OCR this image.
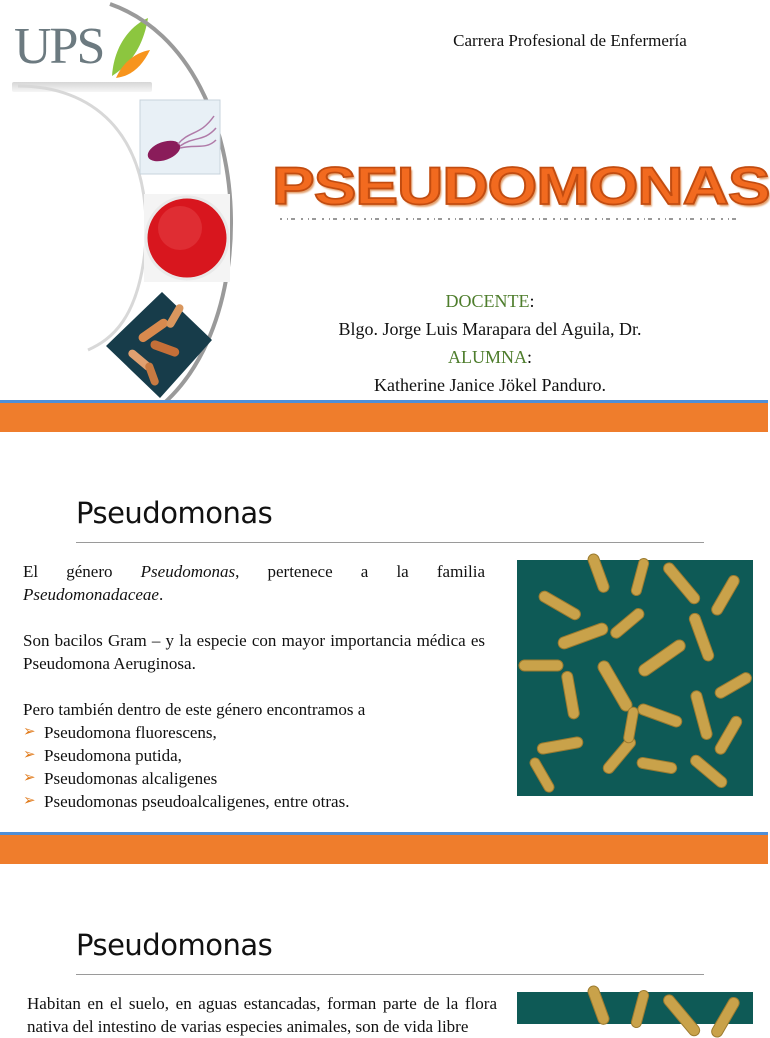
UPS	Carrera Profesional de Enfermería
PSEUDOMONAS
DOCENTE:
Blgo. Jorge Luis Marapara del Aguila, Dr.
ALUMNA:
Katherine Janice Jökel Panduro.
Pseudomonas

El género Pseudomonas, pertenece a la familia Pseudomonadaceae.

Son bacilos Gram – y la especie con mayor importancia médica es Pseudomona Aeruginosa.

Pero también dentro de este género encontramos a
➢ Pseudomona fluorescens,
➢ Pseudomona putida,
➢ Pseudomonas alcaligenes
➢ Pseudomonas pseudoalcaligenes, entre otras.
Pseudomonas
Habitan en el suelo, en aguas estancadas, forman parte de la flora nativa del intestino de varias especies animales, son de vida libre
